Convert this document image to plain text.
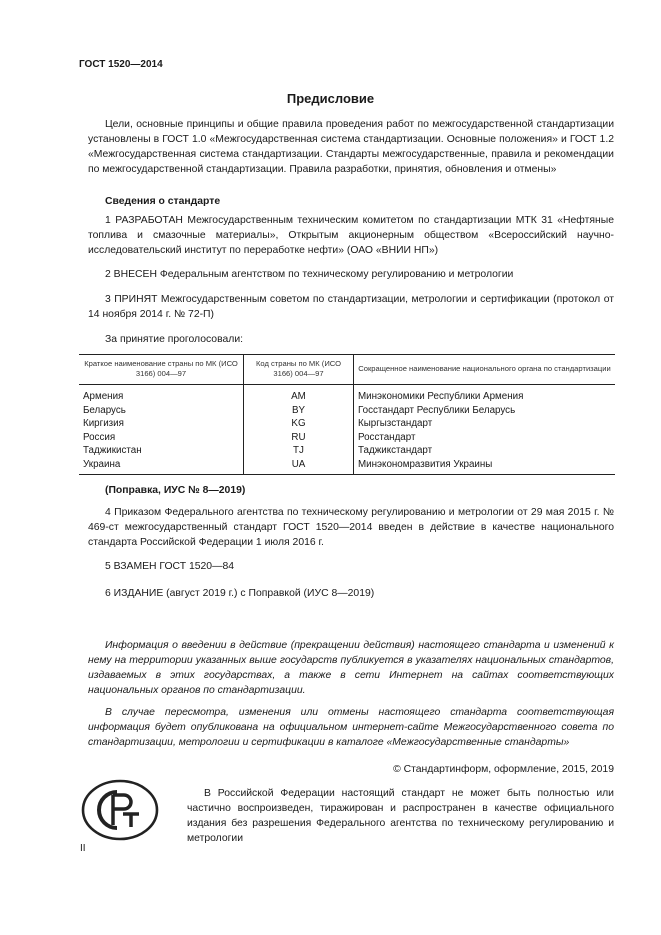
ГОСТ 1520—2014
Предисловие
Цели, основные принципы и общие правила проведения работ по межгосударственной стандартизации установлены в ГОСТ 1.0 «Межгосударственная система стандартизации. Основные положения» и ГОСТ 1.2 «Межгосударственная система стандартизации. Стандарты межгосударственные, правила и рекомендации по межгосударственной стандартизации. Правила разработки, принятия, обновления и отмены»
Сведения о стандарте
1 РАЗРАБОТАН Межгосударственным техническим комитетом по стандартизации МТК 31 «Нефтяные топлива и смазочные материалы», Открытым акционерным обществом «Всероссийский научно-исследовательский институт по переработке нефти» (ОАО «ВНИИ НП»)
2 ВНЕСЕН Федеральным агентством по техническому регулированию и метрологии
3 ПРИНЯТ Межгосударственным советом по стандартизации, метрологии и сертификации (протокол от 14 ноября 2014 г. № 72-П)
За принятие проголосовали:
Краткое наименование страны по МК (ИСО 3166) 004—97	Код страны по МК (ИСО 3166) 004—97	Сокращенное наименование национального органа по стандартизации
Армения	AM	Минэкономики Республики Армения
Беларусь	BY	Госстандарт Республики Беларусь
Киргизия	KG	Кыргызстандарт
Россия	RU	Росстандарт
Таджикистан	TJ	Таджикстандарт
Украина	UA	Минэкономразвития Украины
(Поправка, ИУС № 8—2019)
4 Приказом Федерального агентства по техническому регулированию и метрологии от 29 мая 2015 г. № 469-ст межгосударственный стандарт ГОСТ 1520—2014 введен в действие в качестве национального стандарта Российской Федерации 1 июля 2016 г.
5 ВЗАМЕН ГОСТ 1520—84
6 ИЗДАНИЕ (август 2019 г.) с Поправкой (ИУС 8—2019)
Информация о введении в действие (прекращении действия) настоящего стандарта и изменений к нему на территории указанных выше государств публикуется в указателях национальных стандартов, издаваемых в этих государствах, а также в сети Интернет на сайтах соответствующих национальных органов по стандартизации.
В случае пересмотра, изменения или отмены настоящего стандарта соответствующая информация будет опубликована на официальном интернет-сайте Межгосударственного совета по стандартизации, метрологии и сертификации в каталоге «Межгосударственные стандарты»
© Стандартинформ, оформление, 2015, 2019
В Российской Федерации настоящий стандарт не может быть полностью или частично воспроизведен, тиражирован и распространен в качестве официального издания без разрешения Федерального агентства по техническому регулированию и метрологии
II
